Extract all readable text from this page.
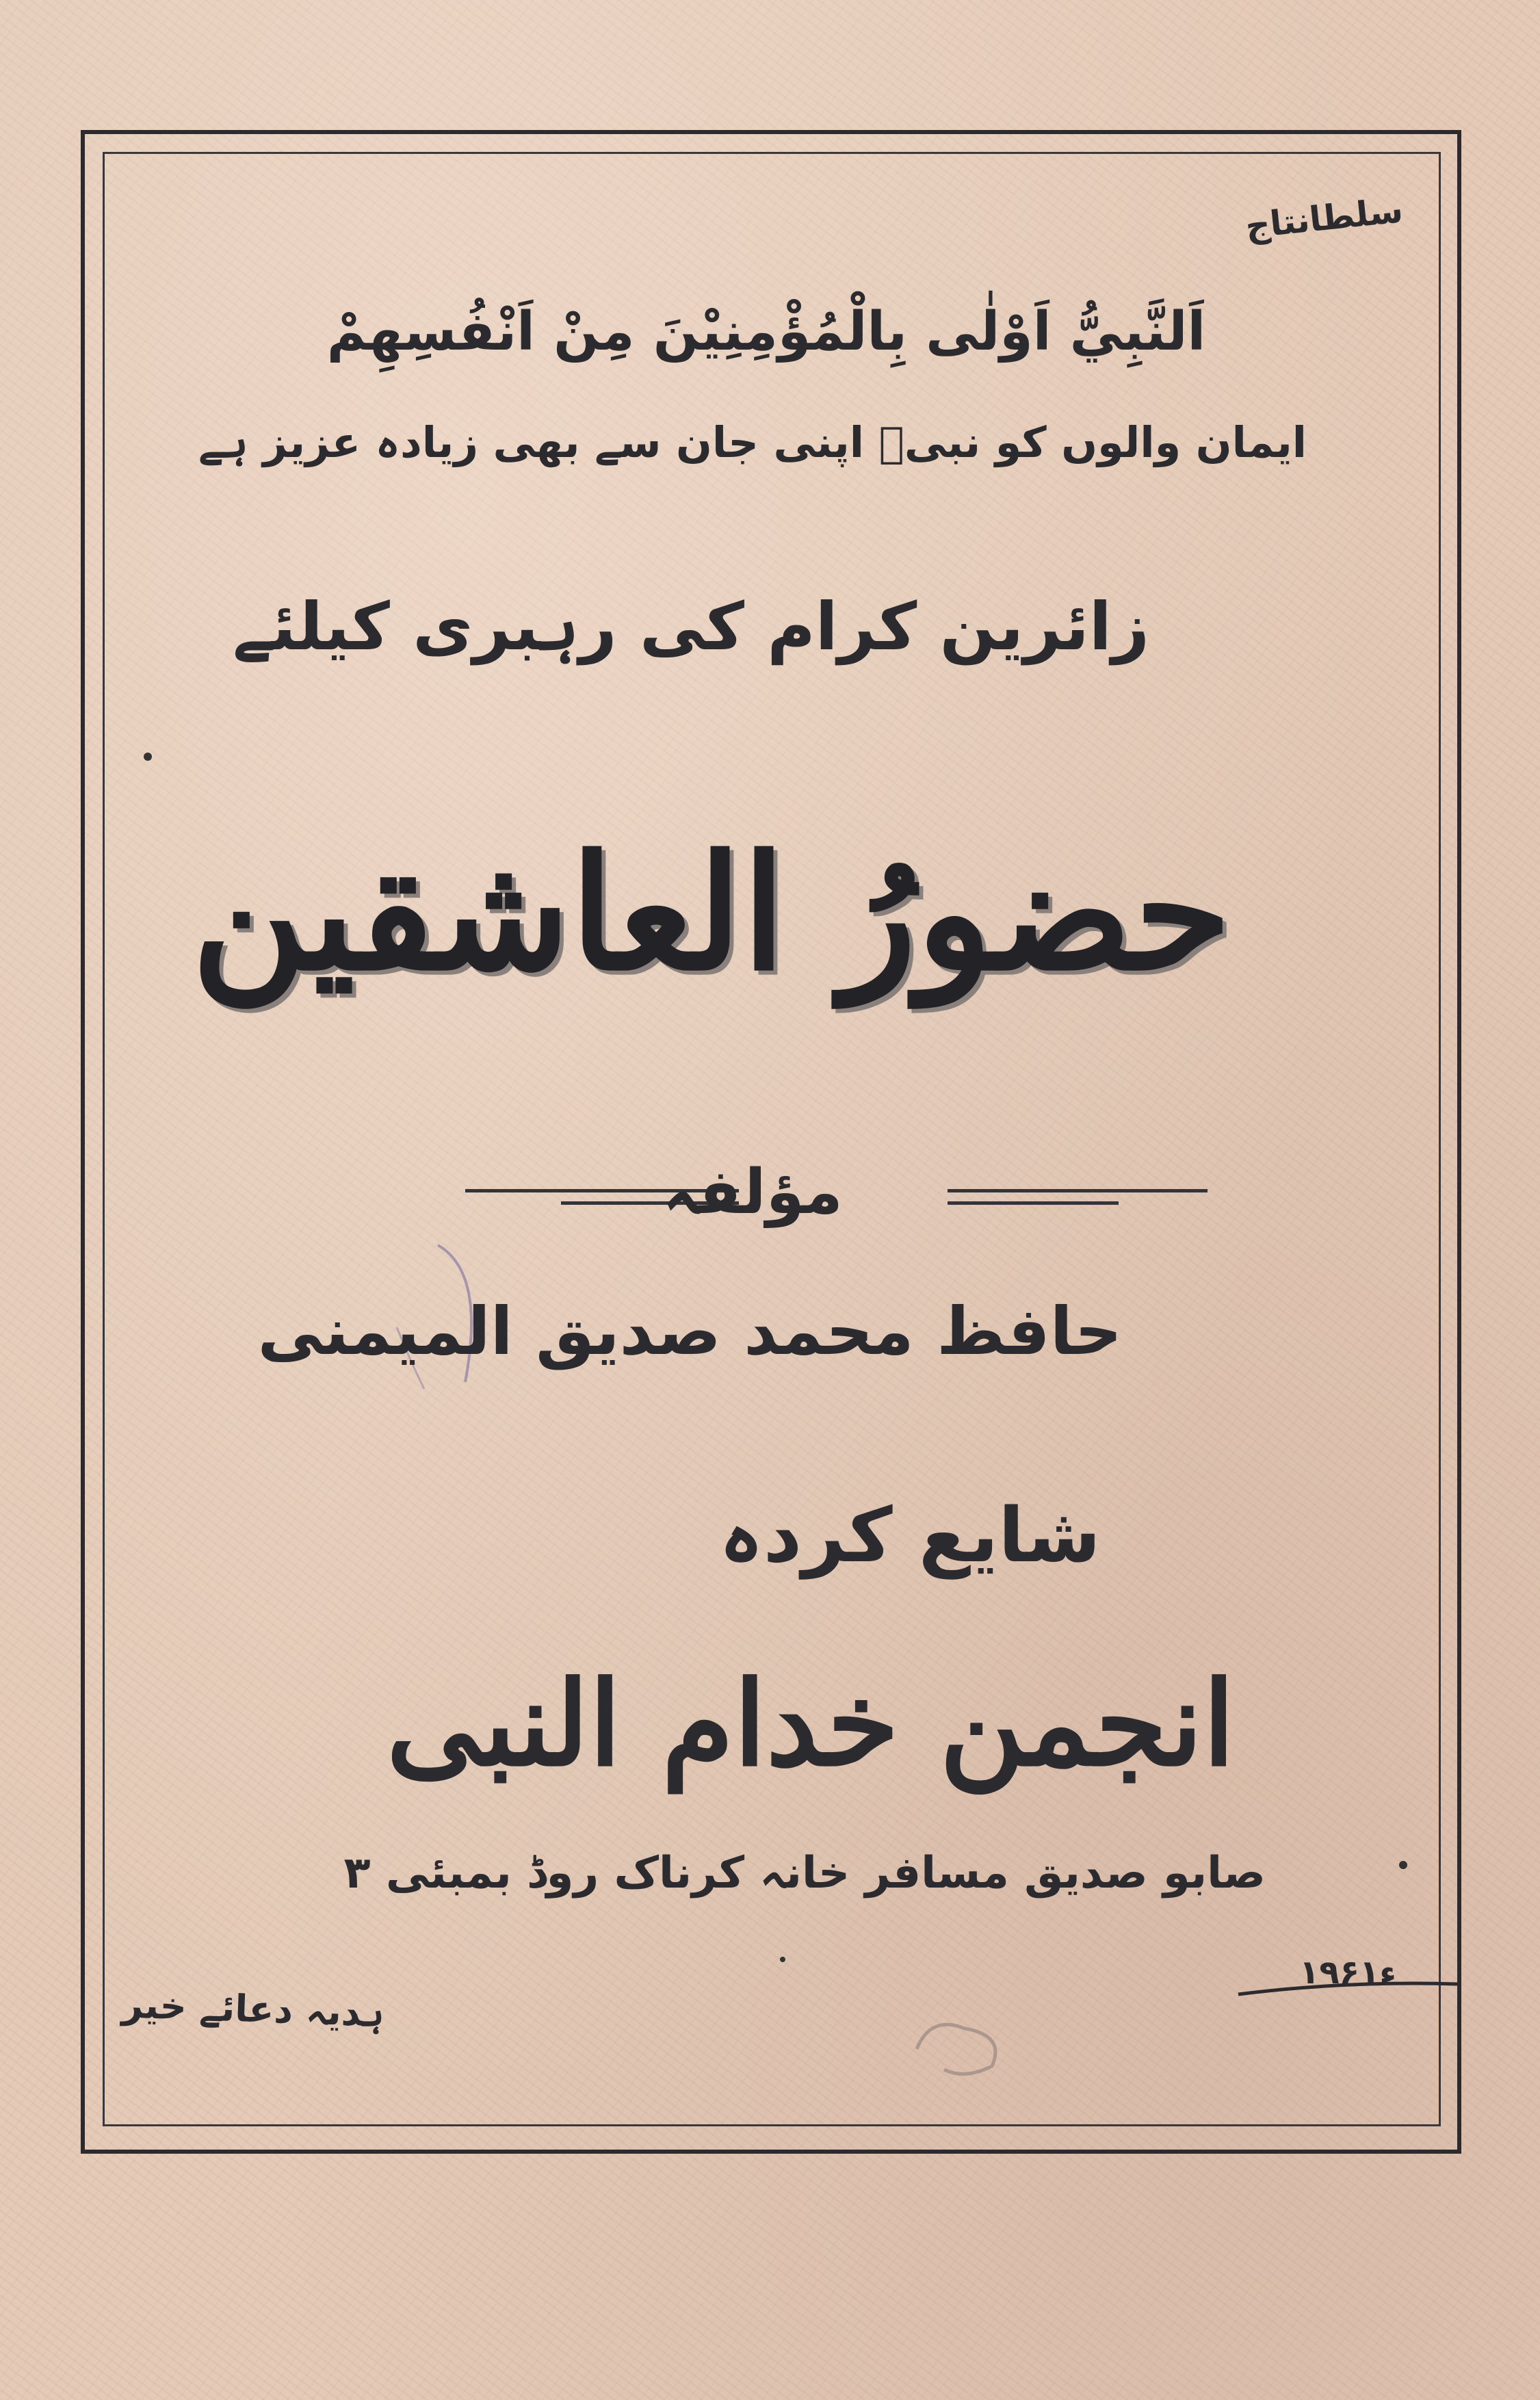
سلطانتاج
اَلنَّبِيُّ اَوْلٰى بِالْمُؤْمِنِيْنَ مِنْ اَنْفُسِهِمْ
ایمان والوں کو نبیؐ اپنی جان سے بھی زیادہ عزیز ہے
زائرین کرام کی رہبری کیلئے
حضورُ العاشقین
مؤلفہ
حافظ محمد صدیق المیمنی
شایع کردہ
انجمن خدام النبی
صابو صدیق مسافر خانہ کرناک روڈ بمبئی ۳
۱۹۶۱ء
ہدیہ دعائے خیر
